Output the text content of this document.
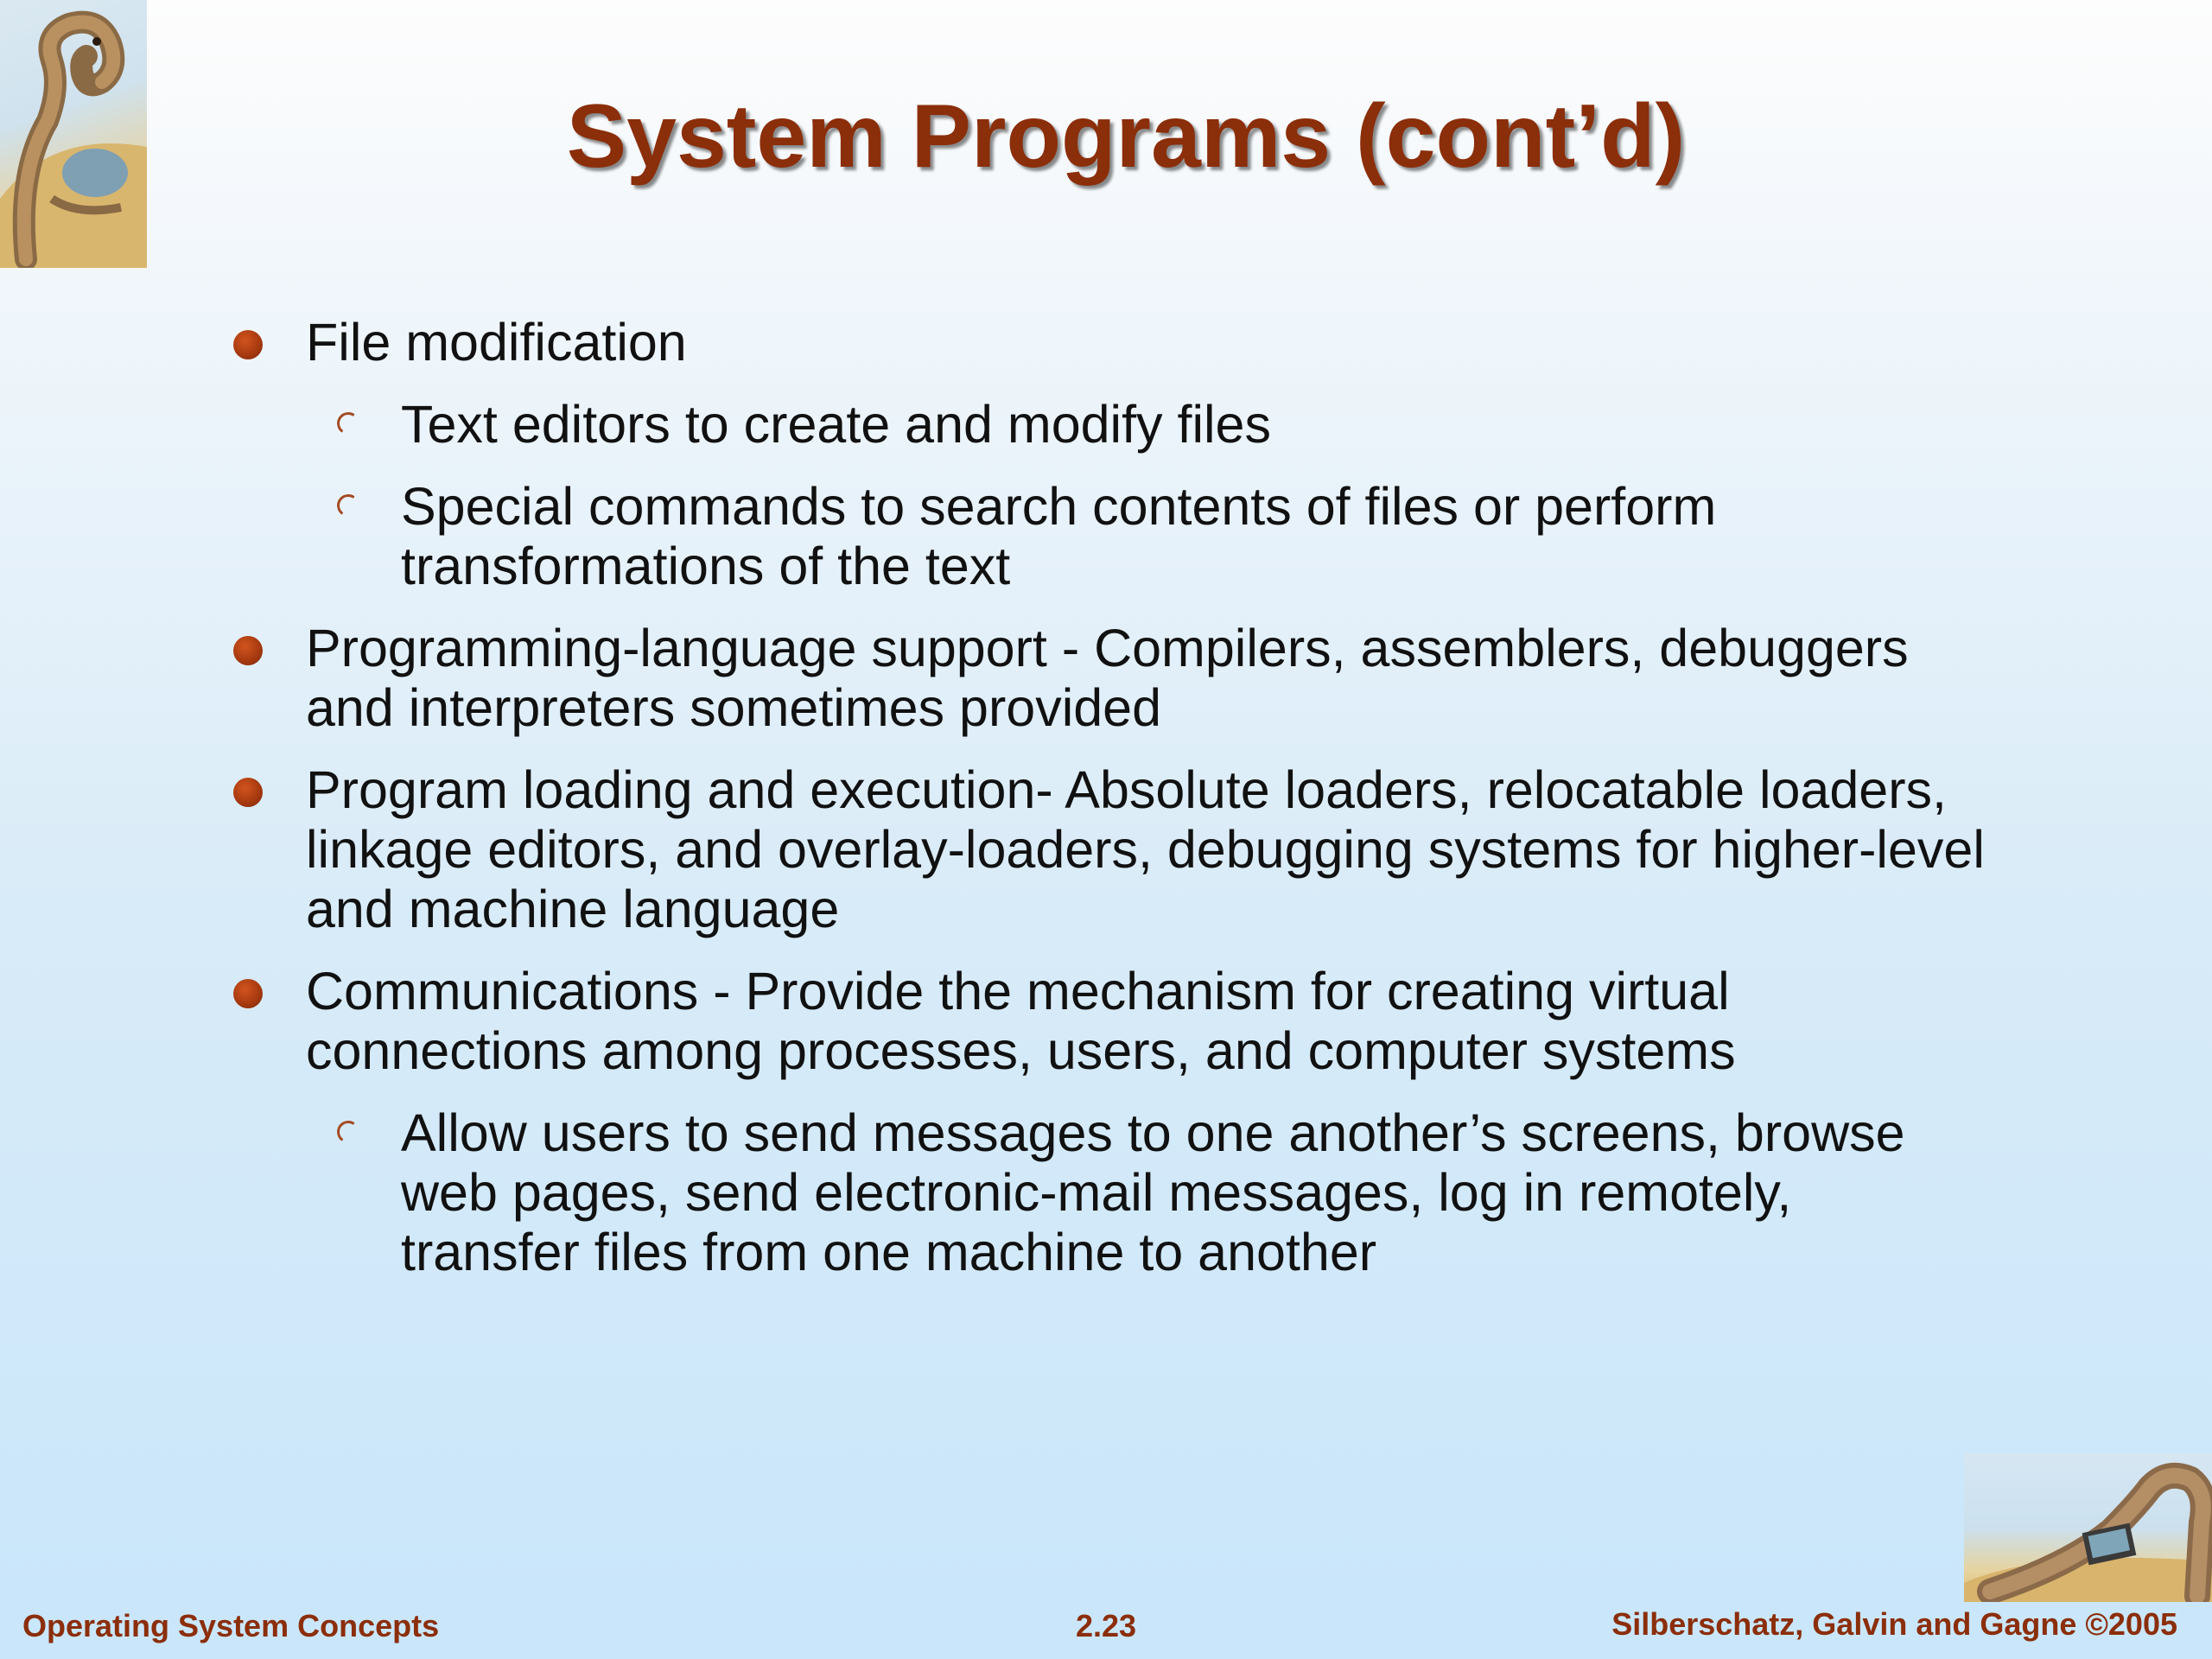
System Programs (cont’d)
File modification
Text editors to create and modify files
Special commands to search contents of files or perform transformations of the text
Programming-language support - Compilers, assemblers, debuggers and interpreters sometimes provided
Program loading and execution- Absolute loaders, relocatable loaders, linkage editors, and overlay-loaders, debugging systems for higher-level and machine language
Communications - Provide the mechanism for creating virtual connections among processes, users, and computer systems
Allow users to send messages to one another’s screens, browse web pages, send electronic-mail messages, log in remotely, transfer files from one machine to another
Operating System Concepts	2.23	Silberschatz, Galvin and Gagne ©2005
